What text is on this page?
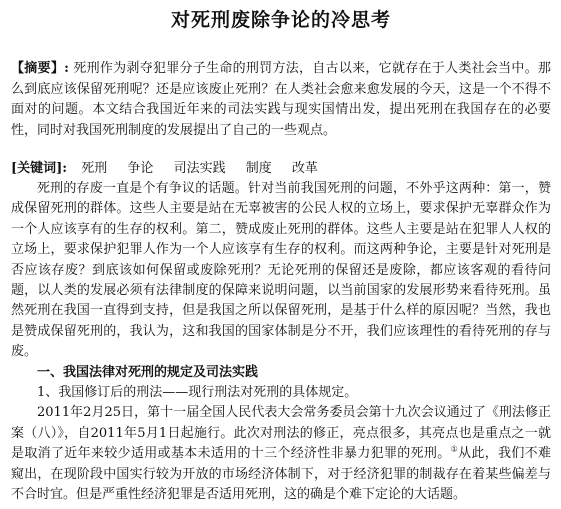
对死刑废除争论的冷思考
【摘要】: 死刑作为剥夺犯罪分子生命的刑罚方法，自古以来，它就存在于人类社会当中。那么到底应该保留死刑呢？还是应该废止死刑？在人类社会愈来愈发展的今天，这是一个不得不面对的问题。本文结合我国近年来的司法实践与现实国情出发，提出死刑在我国存在的必要性，同时对我国死刑制度的发展提出了自己的一些观点。
[关键词]: 死刑 争论 司法实践 制度 改革

死刑的存废一直是个有争议的话题。针对当前我国死刑的问题，不外乎这两种：第一，赞成保留死刑的群体。这些人主要是站在无辜被害的公民人权的立场上，要求保护无辜群众作为一个人应该享有的生存的权利。第二，赞成废止死刑的群体。这些人主要是站在犯罪人人权的立场上，要求保护犯罪人作为一个人应该享有生存的权利。而这两种争论，主要是针对死刑是否应该存废？到底该如何保留或废除死刑？无论死刑的保留还是废除，都应该客观的看待问题，以人类的发展必须有法律制度的保障来说明问题，以当前国家的发展形势来看待死刑。虽然死刑在我国一直得到支持，但是我国之所以保留死刑，是基于什么样的原因呢？当然，我也是赞成保留死刑的，我认为，这和我国的国家体制是分不开，我们应该理性的看待死刑的存与废。

一、我国法律对死刑的规定及司法实践

1、我国修订后的刑法——现行刑法对死刑的具体规定。

2011年2月25日，第十一届全国人民代表大会常务委员会第十九次会议通过了《刑法修正案（八）》，自2011年5月1日起施行。此次对刑法的修正，亮点很多，其亮点也是重点之一就是取消了近年来较少适用或基本未适用的十三个经济性非暴力犯罪的死刑。①从此，我们不难窥出，在现阶段中国实行较为开放的市场经济体制下，对于经济犯罪的制裁存在着某些偏差与不合时宜。但是严重性经济犯罪是否适用死刑，这的确是个难下定论的大话题。
